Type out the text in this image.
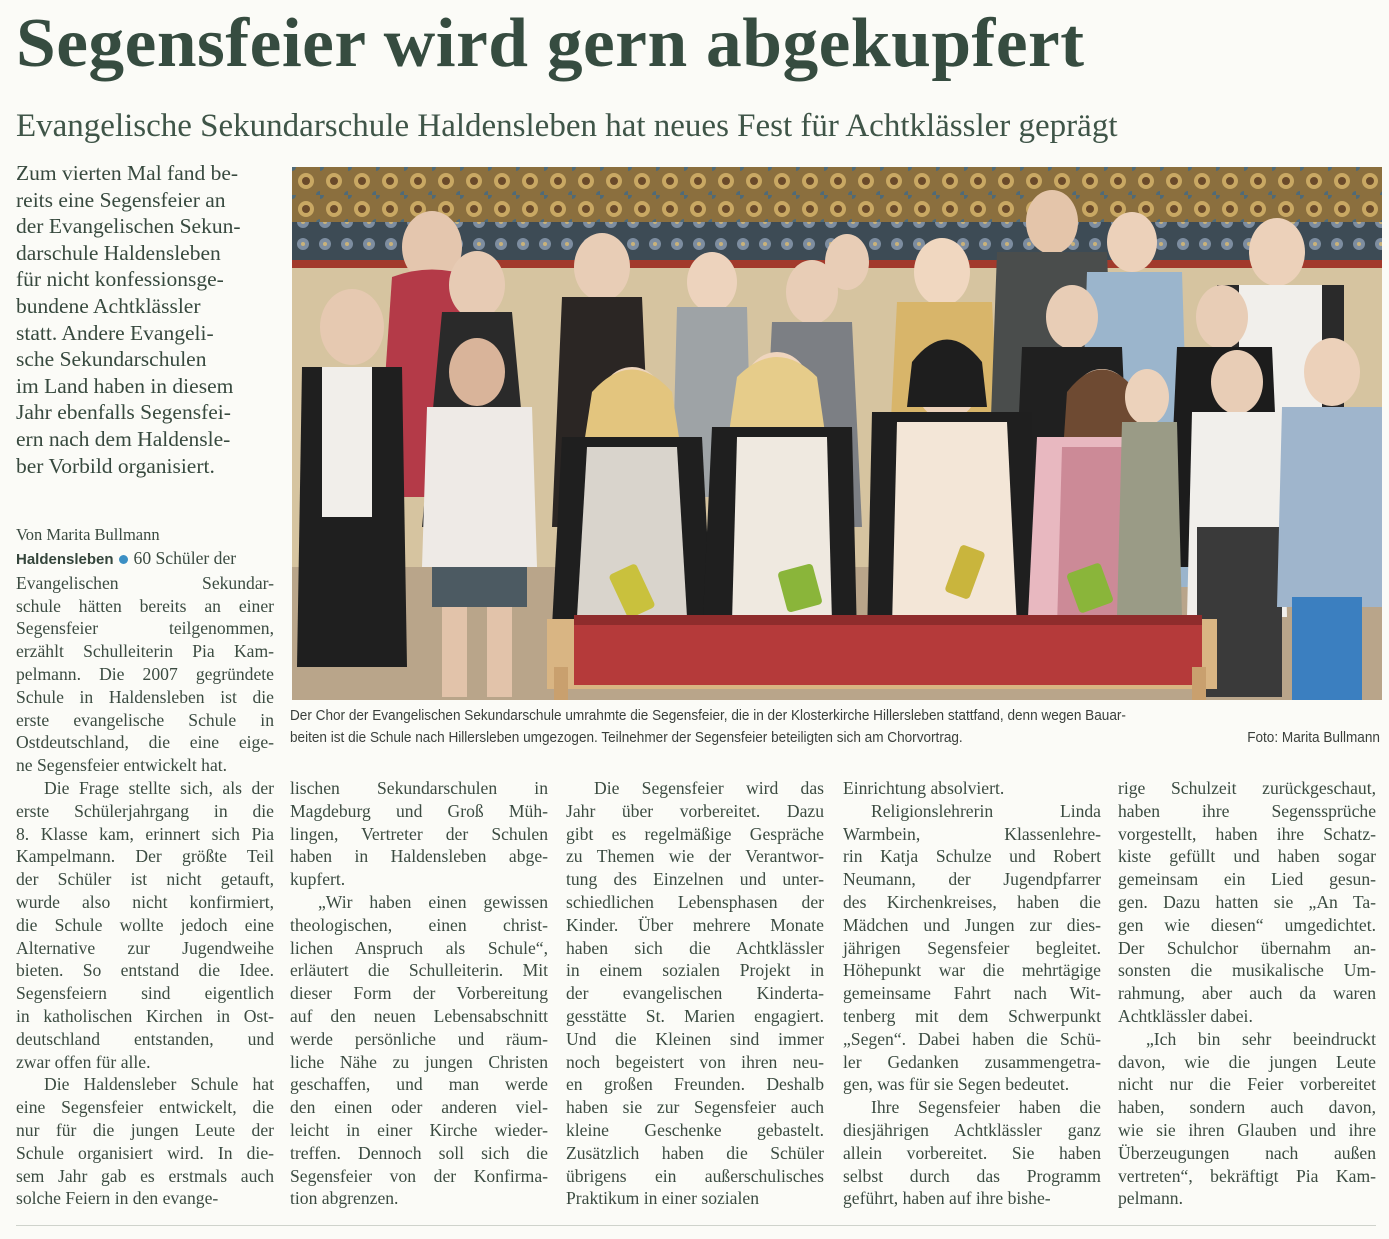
Segensfeier wird gern abgekupfert
Evangelische Sekundarschule Haldensleben hat neues Fest für Achtklässler geprägt
Zum vierten Mal fand be-
reits eine Segensfeier an
der Evangelischen Sekun-
darschule Haldensleben
für nicht konfessionsge-
bundene Achtklässler
statt. Andere Evangeli-
sche Sekundarschulen
im Land haben in diesem
Jahr ebenfalls Segensfei-
ern nach dem Haldensle-
ber Vorbild organisiert.
Der Chor der Evangelischen Sekundarschule umrahmte die Segensfeier, die in der Klosterkirche Hillersleben stattfand, denn wegen Bauar-
beiten ist die Schule nach Hillersleben umgezogen. Teilnehmer der Segensfeier beteiligten sich am Chorvortrag.	Foto: Marita Bullmann
Von Marita Bullmann
Haldensleben 60 Schüler der
Evangelischen Sekundar-
schule hätten bereits an einer
Segensfeier teilgenommen,
erzählt Schulleiterin Pia Kam-
pelmann. Die 2007 gegründete
Schule in Haldensleben ist die
erste evangelische Schule in
Ostdeutschland, die eine eige-
ne Segensfeier entwickelt hat.
Die Frage stellte sich, als der
erste Schülerjahrgang in die
8. Klasse kam, erinnert sich Pia
Kampelmann. Der größte Teil
der Schüler ist nicht getauft,
wurde also nicht konfirmiert,
die Schule wollte jedoch eine
Alternative zur Jugendweihe
bieten. So entstand die Idee.
Segensfeiern sind eigentlich
in katholischen Kirchen in Ost-
deutschland entstanden, und
zwar offen für alle.
Die Haldensleber Schule hat
eine Segensfeier entwickelt, die
nur für die jungen Leute der
Schule organisiert wird. In die-
sem Jahr gab es erstmals auch
solche Feiern in den evange-
lischen Sekundarschulen in
Magdeburg und Groß Müh-
lingen, Vertreter der Schulen
haben in Haldensleben abge-
kupfert.
„Wir haben einen gewissen
theologischen, einen christ-
lichen Anspruch als Schule“,
erläutert die Schulleiterin. Mit
dieser Form der Vorbereitung
auf den neuen Lebensabschnitt
werde persönliche und räum-
liche Nähe zu jungen Christen
geschaffen, und man werde
den einen oder anderen viel-
leicht in einer Kirche wieder-
treffen. Dennoch soll sich die
Segensfeier von der Konfirma-
tion abgrenzen.
Die Segensfeier wird das
Jahr über vorbereitet. Dazu
gibt es regelmäßige Gespräche
zu Themen wie der Verantwor-
tung des Einzelnen und unter-
schiedlichen Lebensphasen der
Kinder. Über mehrere Monate
haben sich die Achtklässler
in einem sozialen Projekt in
der evangelischen Kinderta-
gesstätte St. Marien engagiert.
Und die Kleinen sind immer
noch begeistert von ihren neu-
en großen Freunden. Deshalb
haben sie zur Segensfeier auch
kleine Geschenke gebastelt.
Zusätzlich haben die Schüler
übrigens ein außerschulisches
Praktikum in einer sozialen
Einrichtung absolviert.
Religionslehrerin Linda
Warmbein, Klassenlehre-
rin Katja Schulze und Robert
Neumann, der Jugendpfarrer
des Kirchenkreises, haben die
Mädchen und Jungen zur dies-
jährigen Segensfeier begleitet.
Höhepunkt war die mehrtägige
gemeinsame Fahrt nach Wit-
tenberg mit dem Schwerpunkt
„Segen“. Dabei haben die Schü-
ler Gedanken zusammengetra-
gen, was für sie Segen bedeutet.
Ihre Segensfeier haben die
diesjährigen Achtklässler ganz
allein vorbereitet. Sie haben
selbst durch das Programm
geführt, haben auf ihre bishe-
rige Schulzeit zurückgeschaut,
haben ihre Segenssprüche
vorgestellt, haben ihre Schatz-
kiste gefüllt und haben sogar
gemeinsam ein Lied gesun-
gen. Dazu hatten sie „An Ta-
gen wie diesen“ umgedichtet.
Der Schulchor übernahm an-
sonsten die musikalische Um-
rahmung, aber auch da waren
Achtklässler dabei.
„Ich bin sehr beeindruckt
davon, wie die jungen Leute
nicht nur die Feier vorbereitet
haben, sondern auch davon,
wie sie ihren Glauben und ihre
Überzeugungen nach außen
vertreten“, bekräftigt Pia Kam-
pelmann.
